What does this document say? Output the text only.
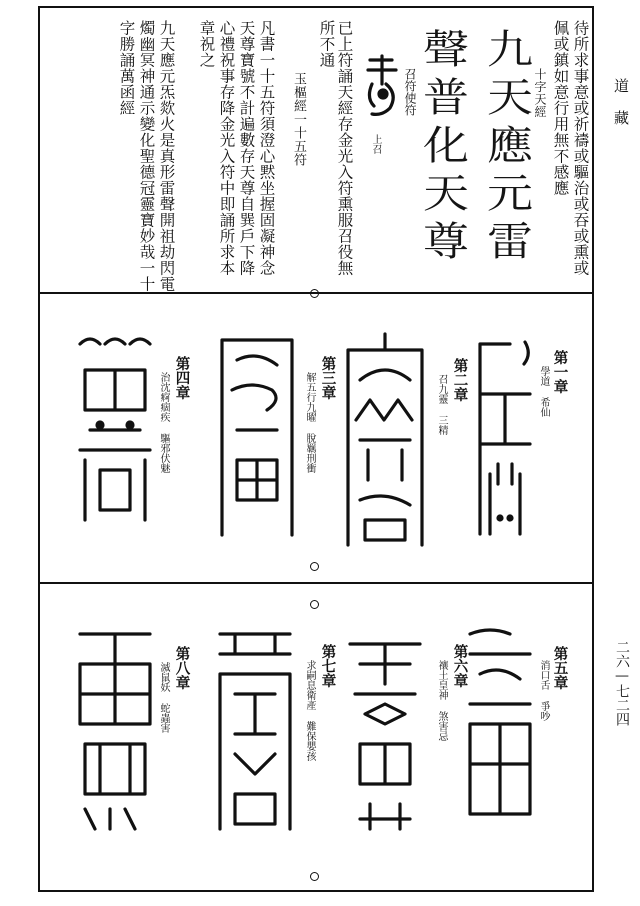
待所求事意或祈禱或驅治或吞或熏或
佩或鎮如意行用無不感應
十字天經
九天應元雷
聲普化天尊
召符使符
上召
已上符誦天經存金光入符熏服召役無
所不通
玉樞經一十五符
凡書一十五符須澄心黙坐握固凝神念
天尊寶號不計遍數存天尊自巽戶下降
心禮祝事存降金光入符中即誦所求本
章祝之
九天應元炁欻火是真形雷聲開祖劫閃電
燭幽冥神通示變化聖德冠靈寶妙哉一十
字勝誦萬函經
第一章
學道 希仙
第二章
召九靈 三精
第三章
解五行九曜 脫羈刑衝
第四章
治沈痾痼疾 驅邪伏魅
第五章
消口舌 爭吵
第六章
禳土皇神 煞害忌
第七章
求嗣息衛產 難保嬰孩
第八章
滅鼠妖 蛇蟲害
道
藏
二六—七二四
